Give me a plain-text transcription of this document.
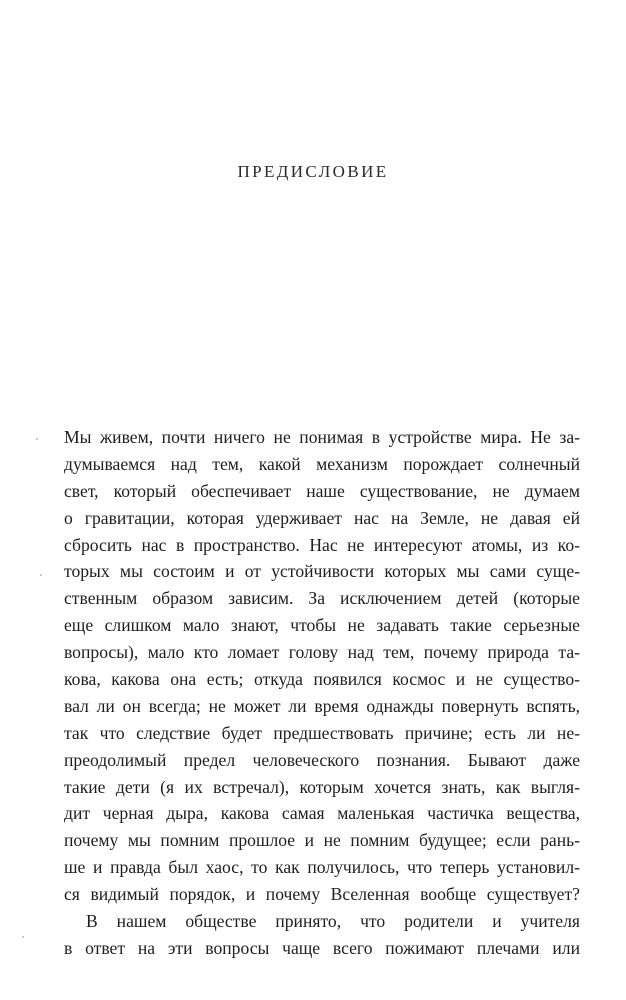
ПРЕДИСЛОВИЕ
Мы живем, почти ничего не понимая в устройстве мира. Не за-
думываемся над тем, какой механизм порождает солнечный
свет, который обеспечивает наше существование, не думаем
о гравитации, которая удерживает нас на Земле, не давая ей
сбросить нас в пространство. Нас не интересуют атомы, из ко-
торых мы состоим и от устойчивости которых мы сами суще-
ственным образом зависим. За исключением детей (которые
еще слишком мало знают, чтобы не задавать такие серьезные
вопросы), мало кто ломает голову над тем, почему природа та-
кова, какова она есть; откуда появился космос и не существо-
вал ли он всегда; не может ли время однажды повернуть вспять,
так что следствие будет предшествовать причине; есть ли не-
преодолимый предел человеческого познания. Бывают даже
такие дети (я их встречал), которым хочется знать, как выгля-
дит черная дыра, какова самая маленькая частичка вещества,
почему мы помним прошлое и не помним будущее; если рань-
ше и правда был хаос, то как получилось, что теперь установил-
ся видимый порядок, и почему Вселенная вообще существует?
В нашем обществе принято, что родители и учителя
в ответ на эти вопросы чаще всего пожимают плечами или
